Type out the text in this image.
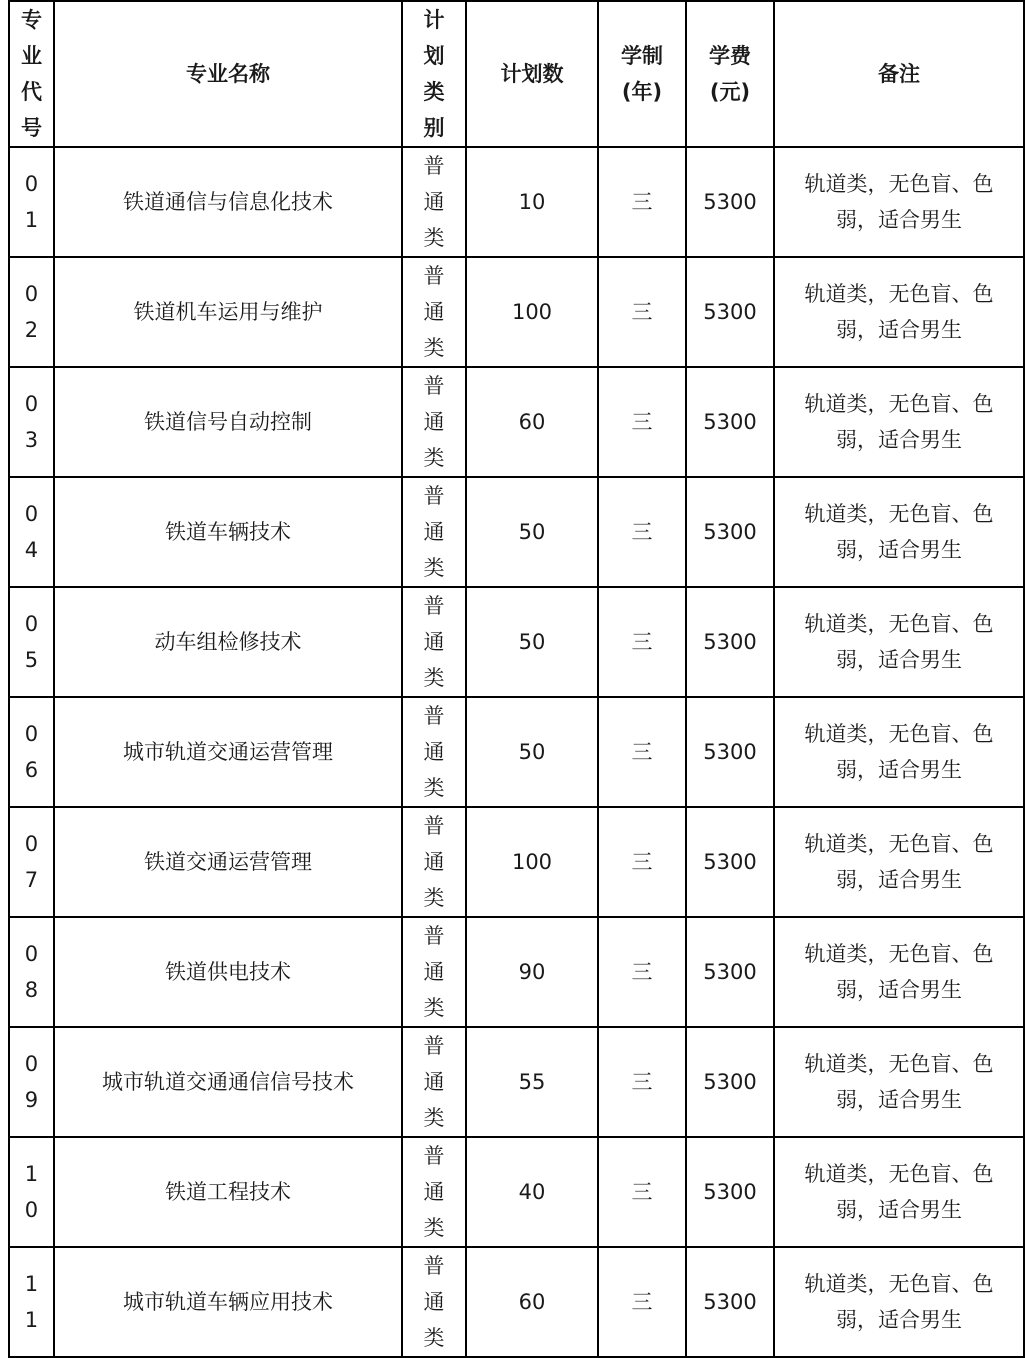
专业代号	专业名称	计划类别	计划数	学制(年)	学费(元)	备注
01	铁道通信与信息化技术	普通类	10	三	5300	轨道类，无色盲、色弱，适合男生
02	铁道机车运用与维护	普通类	100	三	5300	轨道类，无色盲、色弱，适合男生
03	铁道信号自动控制	普通类	60	三	5300	轨道类，无色盲、色弱，适合男生
04	铁道车辆技术	普通类	50	三	5300	轨道类，无色盲、色弱，适合男生
05	动车组检修技术	普通类	50	三	5300	轨道类，无色盲、色弱，适合男生
06	城市轨道交通运营管理	普通类	50	三	5300	轨道类，无色盲、色弱，适合男生
07	铁道交通运营管理	普通类	100	三	5300	轨道类，无色盲、色弱，适合男生
08	铁道供电技术	普通类	90	三	5300	轨道类，无色盲、色弱，适合男生
09	城市轨道交通通信信号技术	普通类	55	三	5300	轨道类，无色盲、色弱，适合男生
10	铁道工程技术	普通类	40	三	5300	轨道类，无色盲、色弱，适合男生
11	城市轨道车辆应用技术	普通类	60	三	5300	轨道类，无色盲、色弱，适合男生
